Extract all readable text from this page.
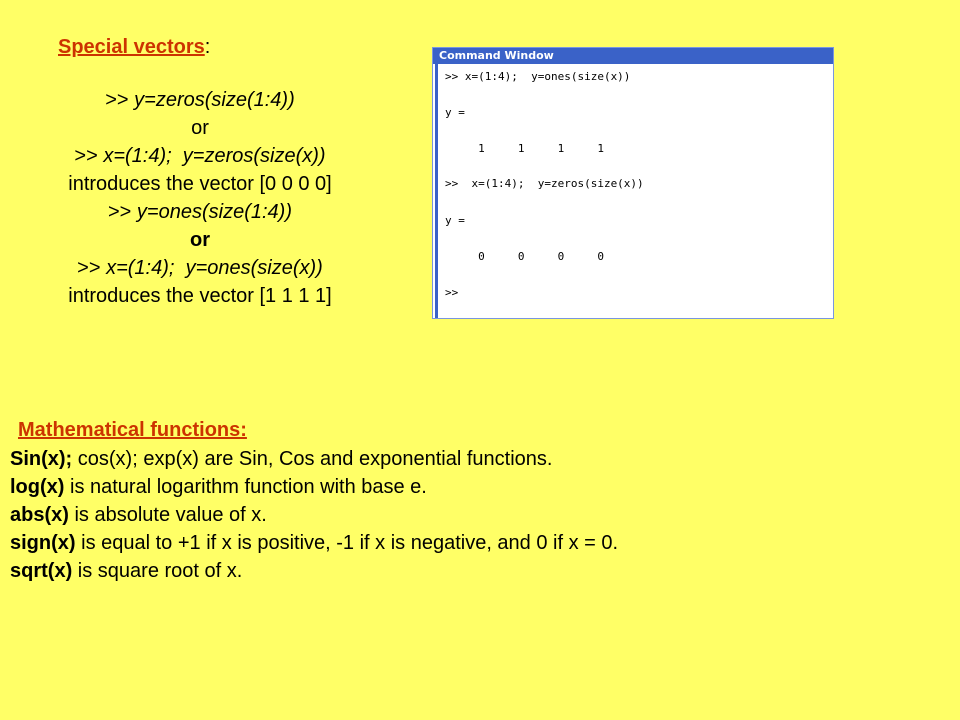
Special vectors:
>> y=zeros(size(1:4))
or
>> x=(1:4);  y=zeros(size(x))
introduces the vector [0 0 0 0]
>> y=ones(size(1:4))
or
>> x=(1:4);  y=ones(size(x))
introduces the vector [1 1 1 1]
Command Window
>> x=(1:4);  y=ones(size(x))
y =
1     1     1     1
>>  x=(1:4);  y=zeros(size(x))
y =
0     0     0     0
>>
Mathematical functions:
Sin(x); cos(x); exp(x) are Sin, Cos and exponential functions.
log(x) is natural logarithm function with base e.
abs(x) is absolute value of x.
sign(x) is equal to +1 if x is positive, -1 if x is negative, and 0 if x = 0.
sqrt(x) is square root of x.
